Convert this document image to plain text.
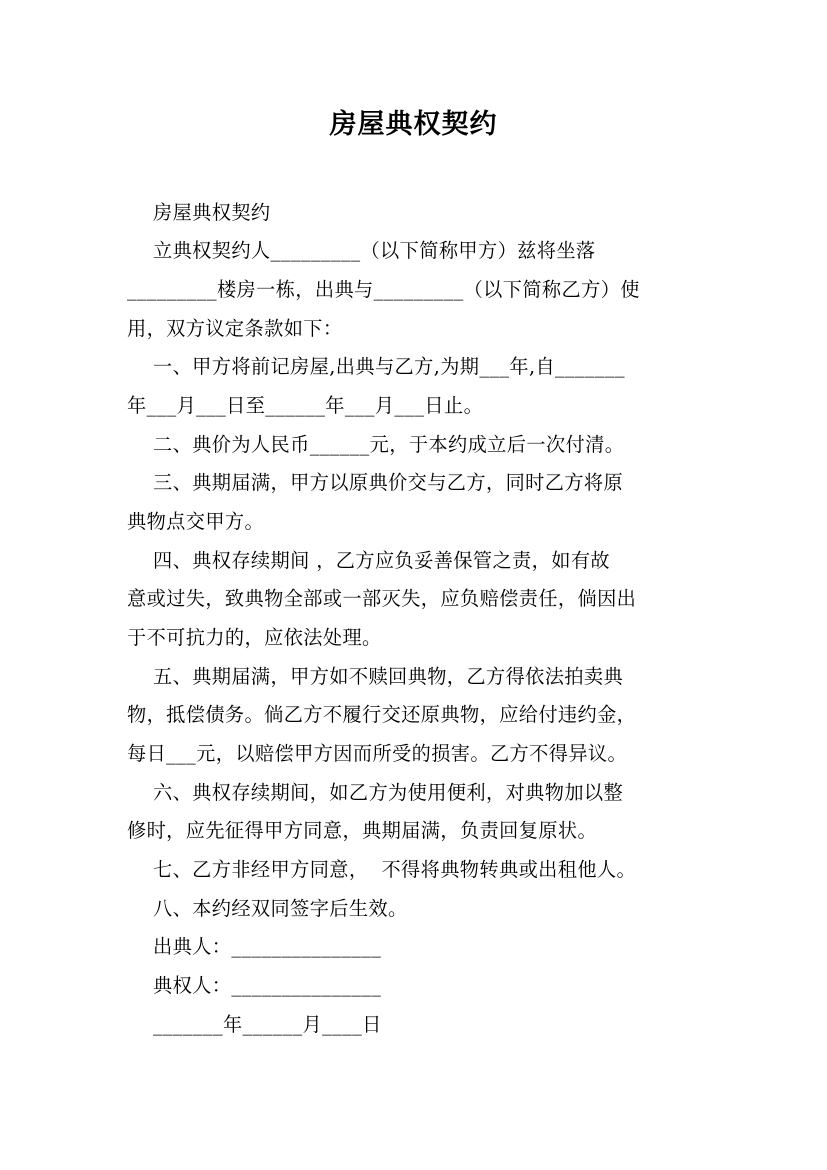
房屋典权契约
房屋典权契约
立典权契约人_________（以下简称甲方）兹将坐落
_________楼房一栋，出典与_________（以下简称乙方）使
用，双方议定条款如下：
一、甲方将前记房屋,出典与乙方,为期___年,自_______
年___月___日至______年___月___日止。
二、典价为人民币______元，于本约成立后一次付清。
三、典期届满，甲方以原典价交与乙方，同时乙方将原
典物点交甲方。
四、典权存续期间 ，乙方应负妥善保管之责，如有故
意或过失，致典物全部或一部灭失，应负赔偿责任，倘因出
于不可抗力的，应依法处理。
五、典期届满，甲方如不赎回典物，乙方得依法拍卖典
物，抵偿债务。倘乙方不履行交还原典物，应给付违约金，
每日___元，以赔偿甲方因而所受的损害。乙方不得异议。
六、典权存续期间，如乙方为使用便利，对典物加以整
修时，应先征得甲方同意，典期届满，负责回复原状。
七、乙方非经甲方同意，  不得将典物转典或出租他人。
八、本约经双同签字后生效。
出典人：_______________
典权人：_______________
_______年______月____日
